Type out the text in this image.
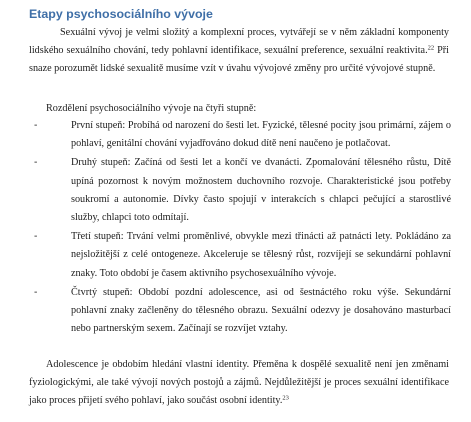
Etapy psychosociálního vývoje

Sexuální vývoj je velmi složitý a komplexní proces, vytvářejí se v něm základní komponenty lidského sexuálního chování, tedy pohlavní identifikace, sexuální preference, sexuální reaktivita.$^{22}$ Při snaze porozumět lidské sexualitě musíme vzít v úvahu vývojové změny pro určité vývojové stupně.

Rozdělení psychosociálního vývoje na čtyři stupně:

-	První stupeň: Probíhá od narození do šesti let. Fyzické, tělesné pocity jsou primární, zájem o pohlaví, genitální chování vyjadřováno dokud dítě není naučeno je potlačovat.
-	Druhý stupeň: Začíná od šesti let a končí ve dvanácti. Zpomalování tělesného růstu, Dítě upíná pozornost k novým možnostem duchovního rozvoje. Charakteristické jsou potřeby soukromí a autonomie. Dívky často spojují v interakcích s chlapci pečující a starostlivé služby, chlapci toto odmítají.
-	Třetí stupeň: Trvání velmi proměnlivé, obvykle mezi třinácti až patnácti lety. Pokládáno za nejsložitější z celé ontogeneze. Akceleruje se tělesný růst, rozvíjejí se sekundární pohlavní znaky. Toto období je časem aktivního psychosexuálního vývoje.
-	Čtvrtý stupeň: Období pozdní adolescence, asi od šestnáctého roku výše. Sekundární pohlavní znaky začleněny do tělesného obrazu. Sexuální odezvy je dosahováno masturbací nebo partnerským sexem. Začínají se rozvíjet vztahy.

Adolescence je obdobím hledání vlastní identity. Přeměna k dospělé sexualitě není jen změnami fyziologickými, ale také vývojí nových postojů a zájmů. Nejdůležitější je proces sexuální identifikace jako proces přijetí svého pohlaví, jako součást osobní identity.$^{23}$
